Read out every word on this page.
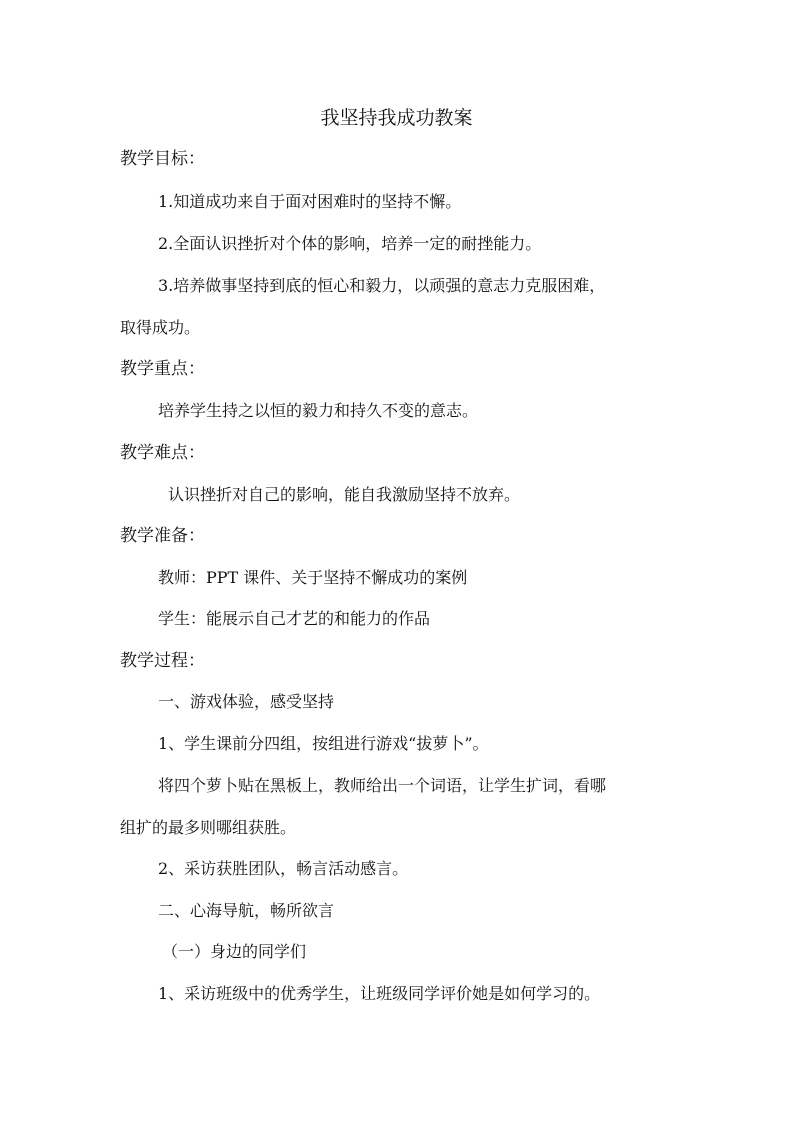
我坚持我成功教案
教学目标：
1.知道成功来自于面对困难时的坚持不懈。
2.全面认识挫折对个体的影响，培养一定的耐挫能力。
3.培养做事坚持到底的恒心和毅力，以顽强的意志力克服困难，
取得成功。
教学重点：
培养学生持之以恒的毅力和持久不变的意志。
教学难点：
认识挫折对自己的影响，能自我激励坚持不放弃。
教学准备：
教师：PPT 课件、关于坚持不懈成功的案例
学生：能展示自己才艺的和能力的作品
教学过程：
一、游戏体验，感受坚持
1、学生课前分四组，按组进行游戏“拔萝卜”。
将四个萝卜贴在黑板上，教师给出一个词语，让学生扩词，看哪
组扩的最多则哪组获胜。
2、采访获胜团队，畅言活动感言。
二、心海导航，畅所欲言
（一）身边的同学们
1、采访班级中的优秀学生，让班级同学评价她是如何学习的。
